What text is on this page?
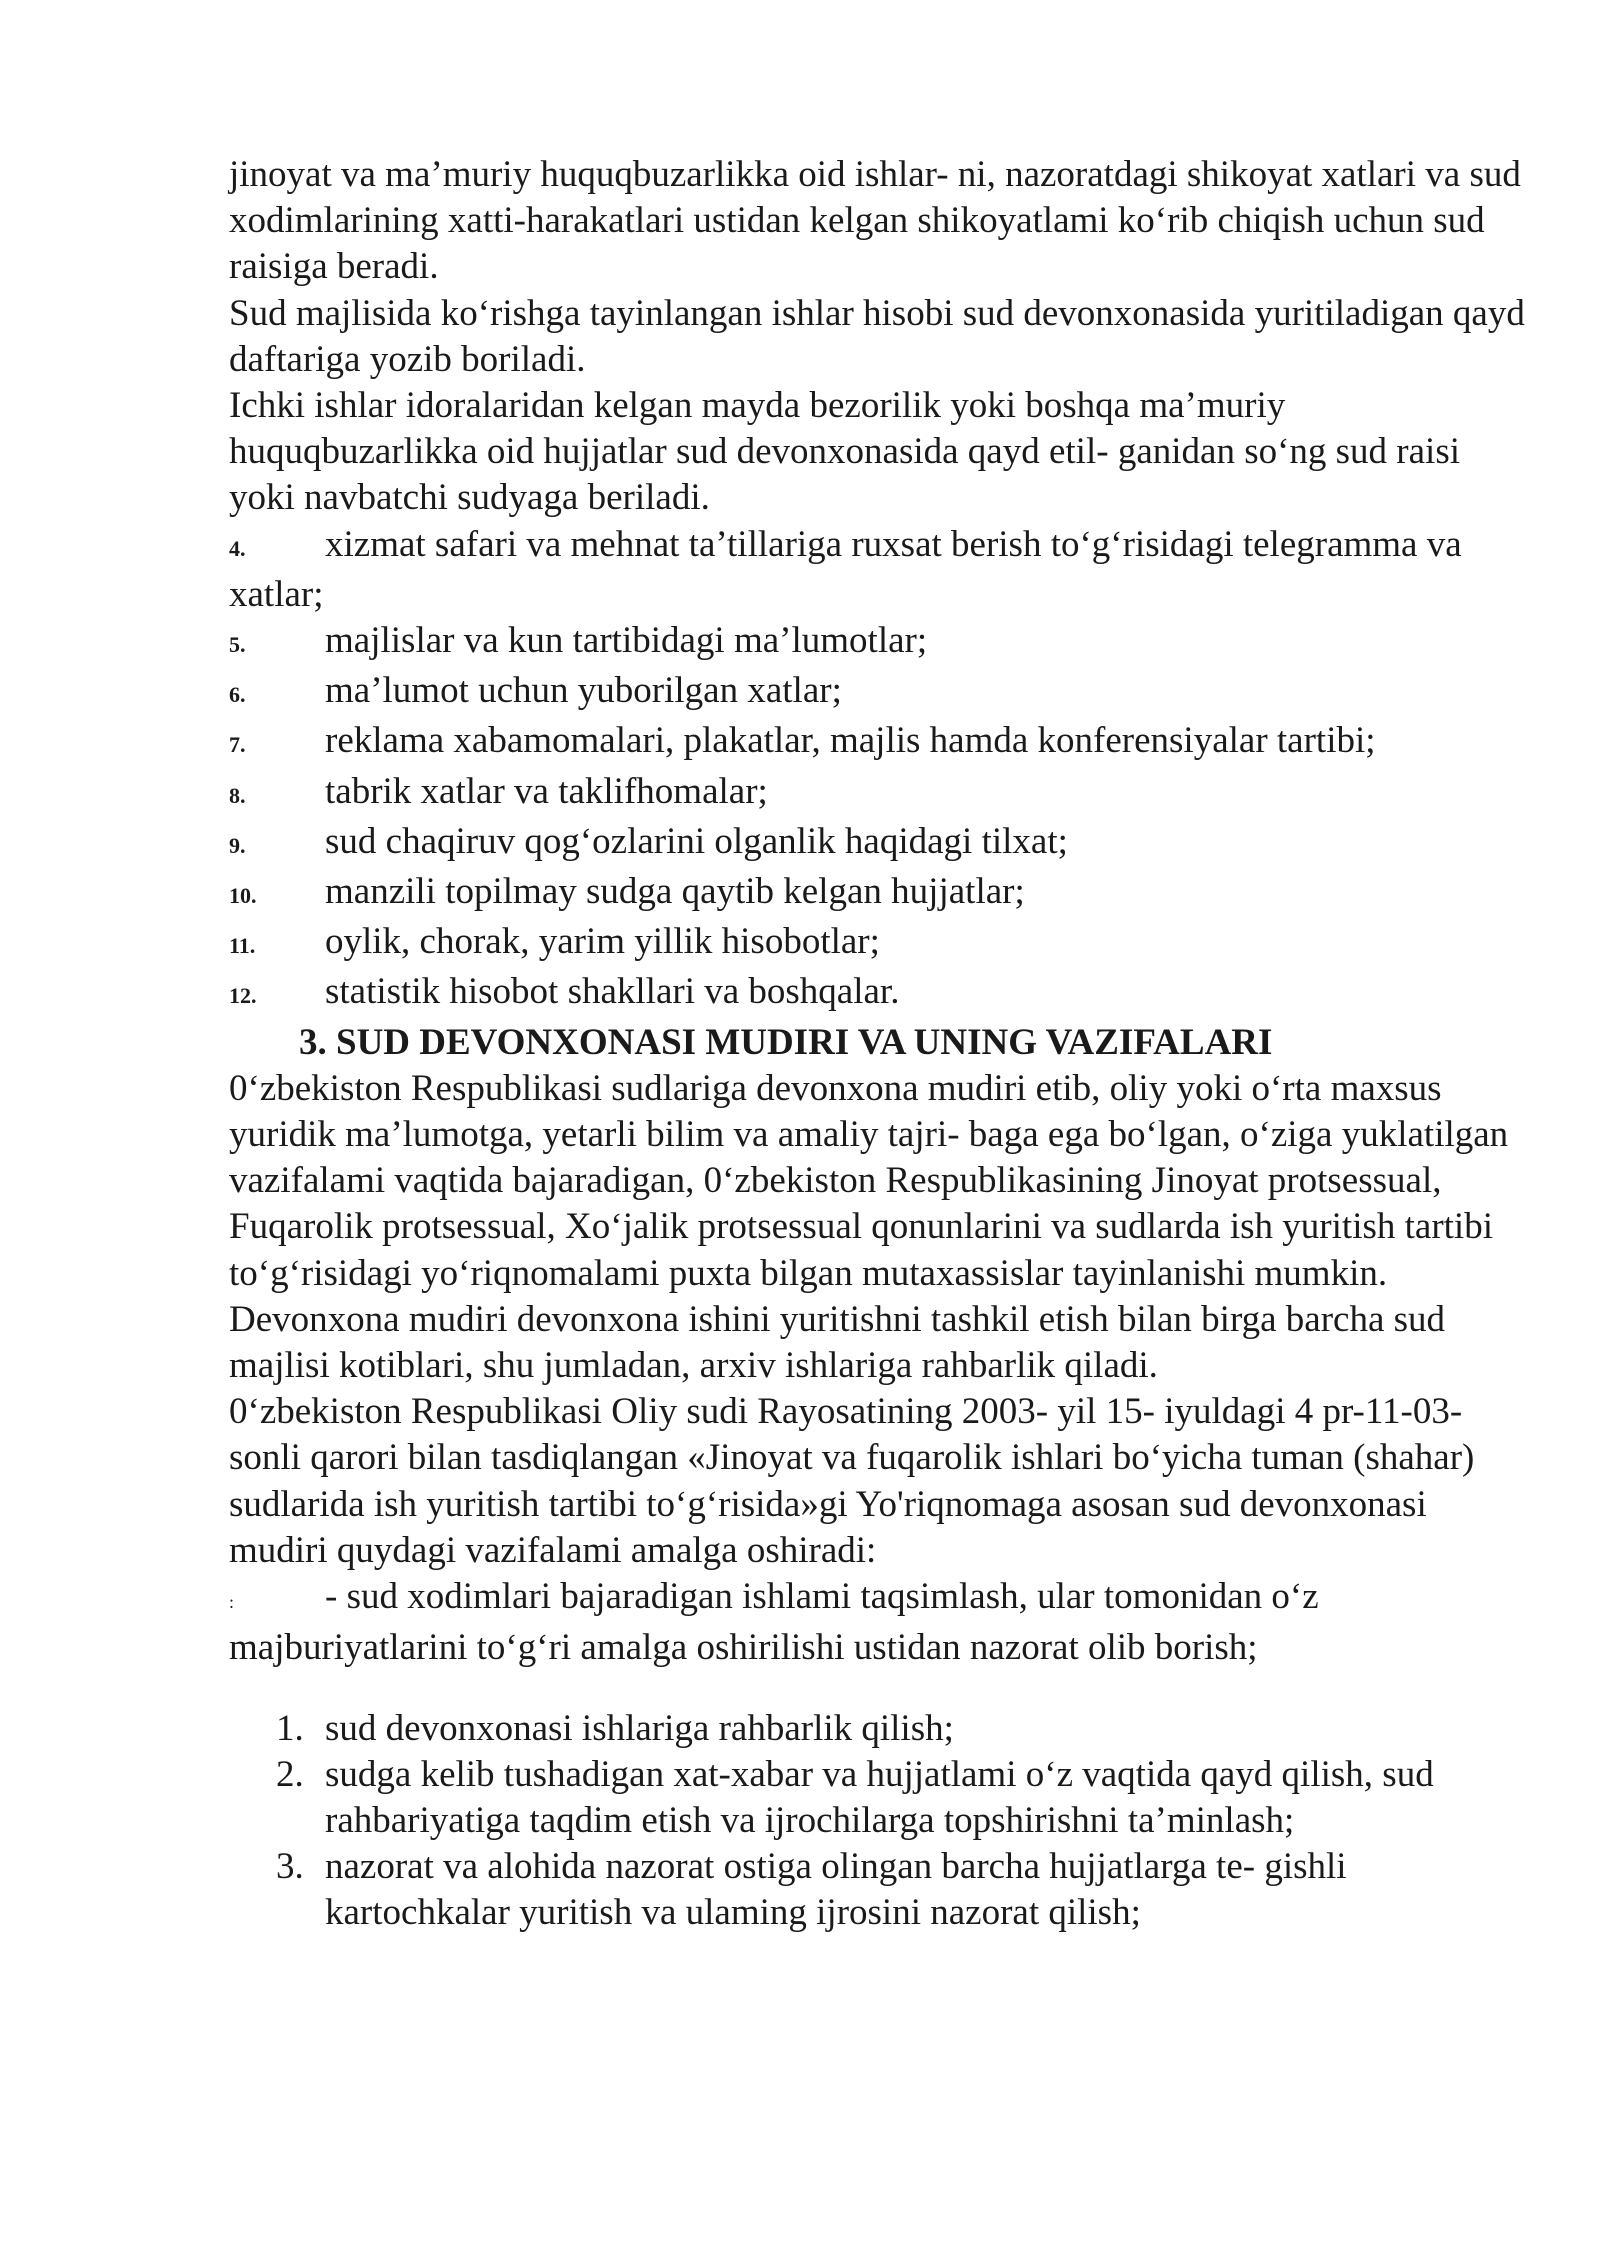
jinoyat va ma’muriy huquqbuzarlikka oid ishlar- ni, nazoratdagi shikoyat xatlari va sud xodimlarining xatti-harakatlari ustidan kelgan shikoyatlami ko‘rib chiqish uchun sud raisiga beradi.

Sud majlisida ko‘rishga tayinlangan ishlar hisobi sud devonxonasida yuritiladigan qayd daftariga yozib boriladi.

Ichki ishlar idoralaridan kelgan mayda bezorilik yoki boshqa ma’muriy huquqbuzarlikka oid hujjatlar sud devonxonasida qayd etil- ganidan so‘ng sud raisi yoki navbatchi sudyaga beriladi.

4. xizmat safari va mehnat ta’tillariga ruxsat berish to‘g‘risidagi telegramma va xatlar;

5. majlislar va kun tartibidagi ma’lumotlar;

6. ma’lumot uchun yuborilgan xatlar;

7. reklama xabamomalari, plakatlar, majlis hamda konferensiyalar tartibi;

8. tabrik xatlar va taklifhomalar;

9. sud chaqiruv qog‘ozlarini olganlik haqidagi tilxat;

10. manzili topilmay sudga qaytib kelgan hujjatlar;

11. oylik, chorak, yarim yillik hisobotlar;

12. statistik hisobot shakllari va boshqalar.

3. SUD DEVONXONASI MUDIRI VA UNING VAZIFALARI

0‘zbekiston Respublikasi sudlariga devonxona mudiri etib, oliy yoki o‘rta maxsus yuridik ma’lumotga, yetarli bilim va amaliy tajri- baga ega bo‘lgan, o‘ziga yuklatilgan vazifalami vaqtida bajaradigan, 0‘zbekiston Respublikasining Jinoyat protsessual, Fuqarolik protsessual, Xo‘jalik protsessual qonunlarini va sudlarda ish yuritish tartibi to‘g‘risidagi yo‘riqnomalami puxta bilgan mutaxassislar tayinlanishi mumkin.

Devonxona mudiri devonxona ishini yuritishni tashkil etish bilan birga barcha sud majlisi kotiblari, shu jumladan, arxiv ishlariga rahbarlik qiladi.

0‘zbekiston Respublikasi Oliy sudi Rayosatining 2003- yil 15- iyuldagi 4 pr-11-03- sonli qarori bilan tasdiqlangan «Jinoyat va fuqarolik ishlari bo‘yicha tuman (shahar) sudlarida ish yuritish tartibi to‘g‘risida»gi Yo'riqnomaga asosan sud devonxonasi mudiri quydagi vazifalami amalga oshiradi:

: - sud xodimlari bajaradigan ishlami taqsimlash, ular tomonidan o‘z majburiyatlarini to‘g‘ri amalga oshirilishi ustidan nazorat olib borish;

1. sud devonxonasi ishlariga rahbarlik qilish;
2. sudga kelib tushadigan xat-xabar va hujjatlami o‘z vaqtida qayd qilish, sud rahbariyatiga taqdim etish va ijrochilarga topshirishni ta’minlash;
3. nazorat va alohida nazorat ostiga olingan barcha hujjatlarga te- gishli kartochkalar yuritish va ulaming ijrosini nazorat qilish;
